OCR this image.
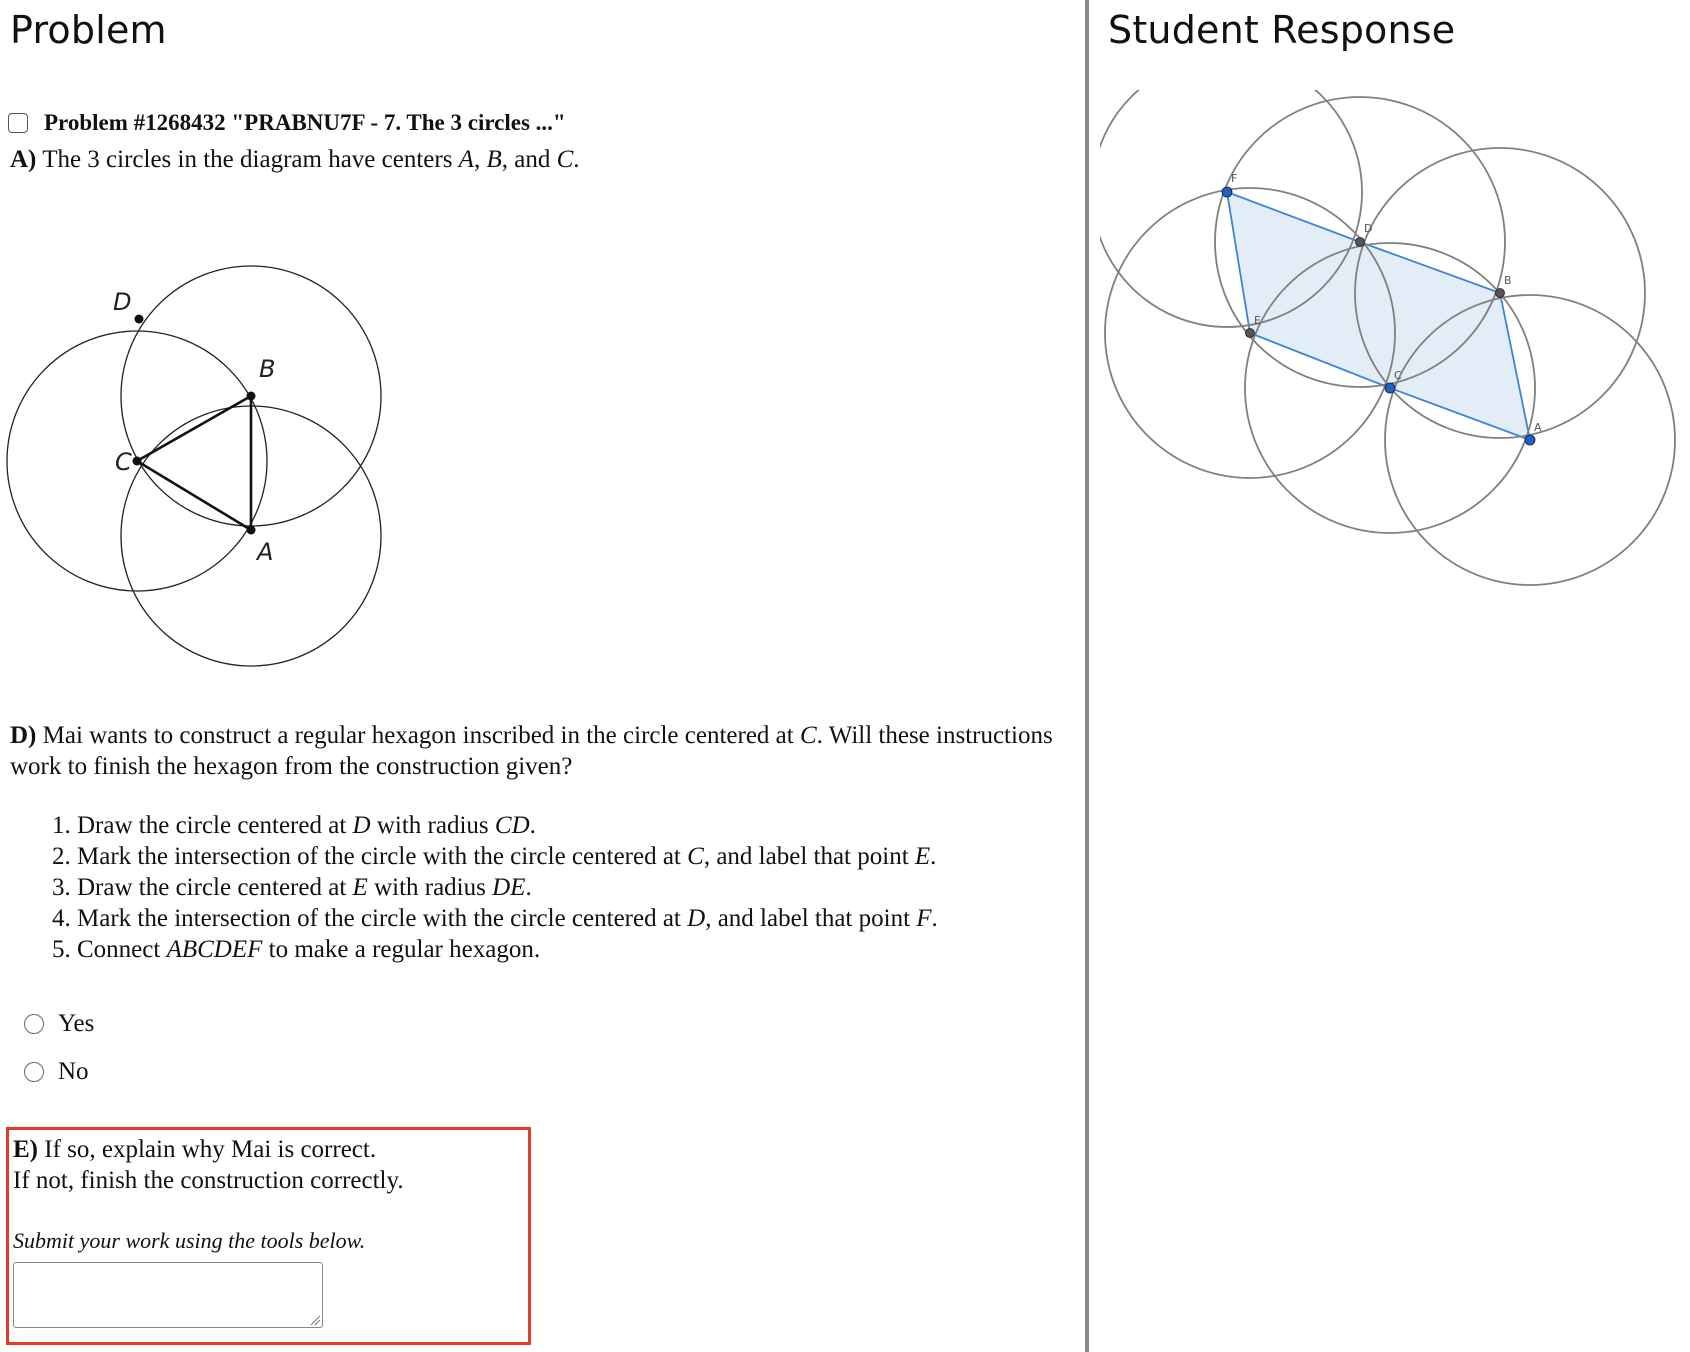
Problem
Problem #1268432 "PRABNU7F - 7. The 3 circles ..."
A) The 3 circles in the diagram have centers A, B, and C.
D
B
C
A
D) Mai wants to construct a regular hexagon inscribed in the circle centered at C. Will these instructions
work to finish the hexagon from the construction given?
1. Draw the circle centered at D with radius CD.
2. Mark the intersection of the circle with the circle centered at C, and label that point E.
3. Draw the circle centered at E with radius DE.
4. Mark the intersection of the circle with the circle centered at D, and label that point F.
5. Connect ABCDEF to make a regular hexagon.
Yes
No
E) If so, explain why Mai is correct.
If not, finish the construction correctly.
Submit your work using the tools below.
Student Response
F
D
B
E
C
A
